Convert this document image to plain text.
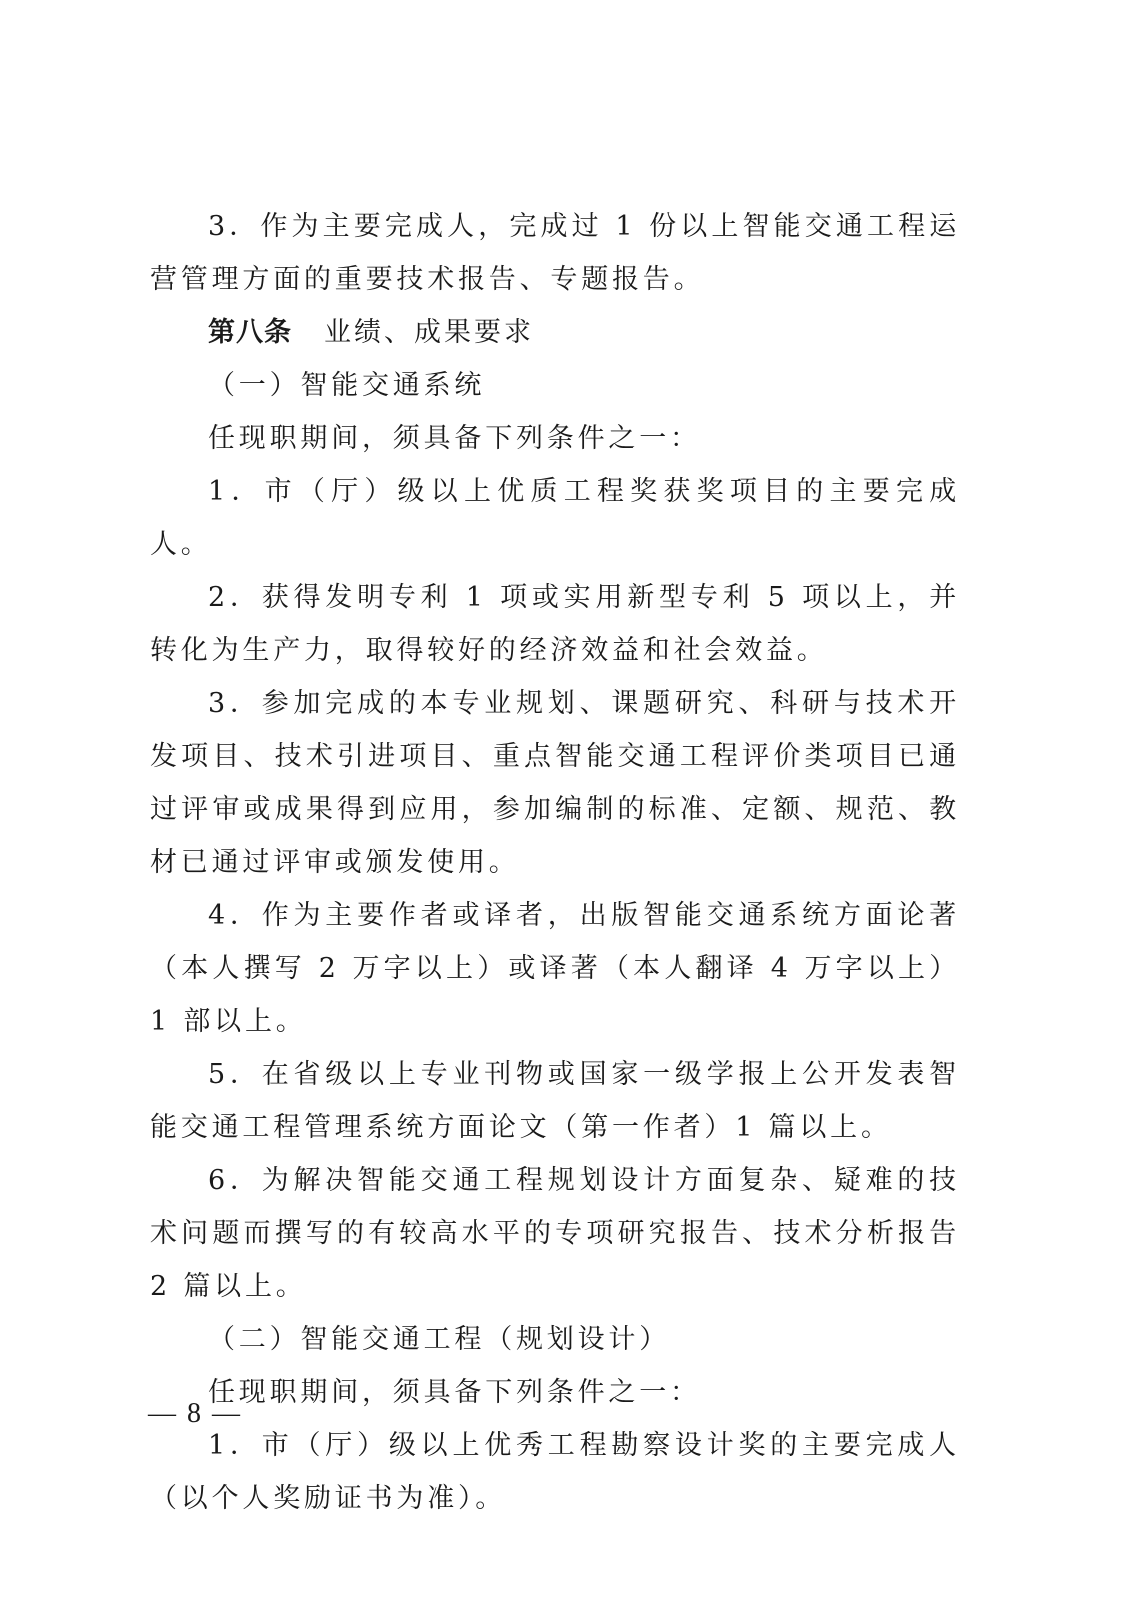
3．作为主要完成人，完成过 1 份以上智能交通工程运营管理方面的重要技术报告、专题报告。

第八条 业绩、成果要求

（一）智能交通系统

任现职期间，须具备下列条件之一：

1．市（厅）级以上优质工程奖获奖项目的主要完成人。

2．获得发明专利 1 项或实用新型专利 5 项以上，并转化为生产力，取得较好的经济效益和社会效益。

3．参加完成的本专业规划、课题研究、科研与技术开发项目、技术引进项目、重点智能交通工程评价类项目已通过评审或成果得到应用，参加编制的标准、定额、规范、教材已通过评审或颁发使用。

4．作为主要作者或译者，出版智能交通系统方面论著（本人撰写 2 万字以上）或译著（本人翻译 4 万字以上）1 部以上。

5．在省级以上专业刊物或国家一级学报上公开发表智能交通工程管理系统方面论文（第一作者）1 篇以上。

6．为解决智能交通工程规划设计方面复杂、疑难的技术问题而撰写的有较高水平的专项研究报告、技术分析报告 2 篇以上。

（二）智能交通工程（规划设计）

任现职期间，须具备下列条件之一：

1．市（厅）级以上优秀工程勘察设计奖的主要完成人（以个人奖励证书为准）。

— 8 —
